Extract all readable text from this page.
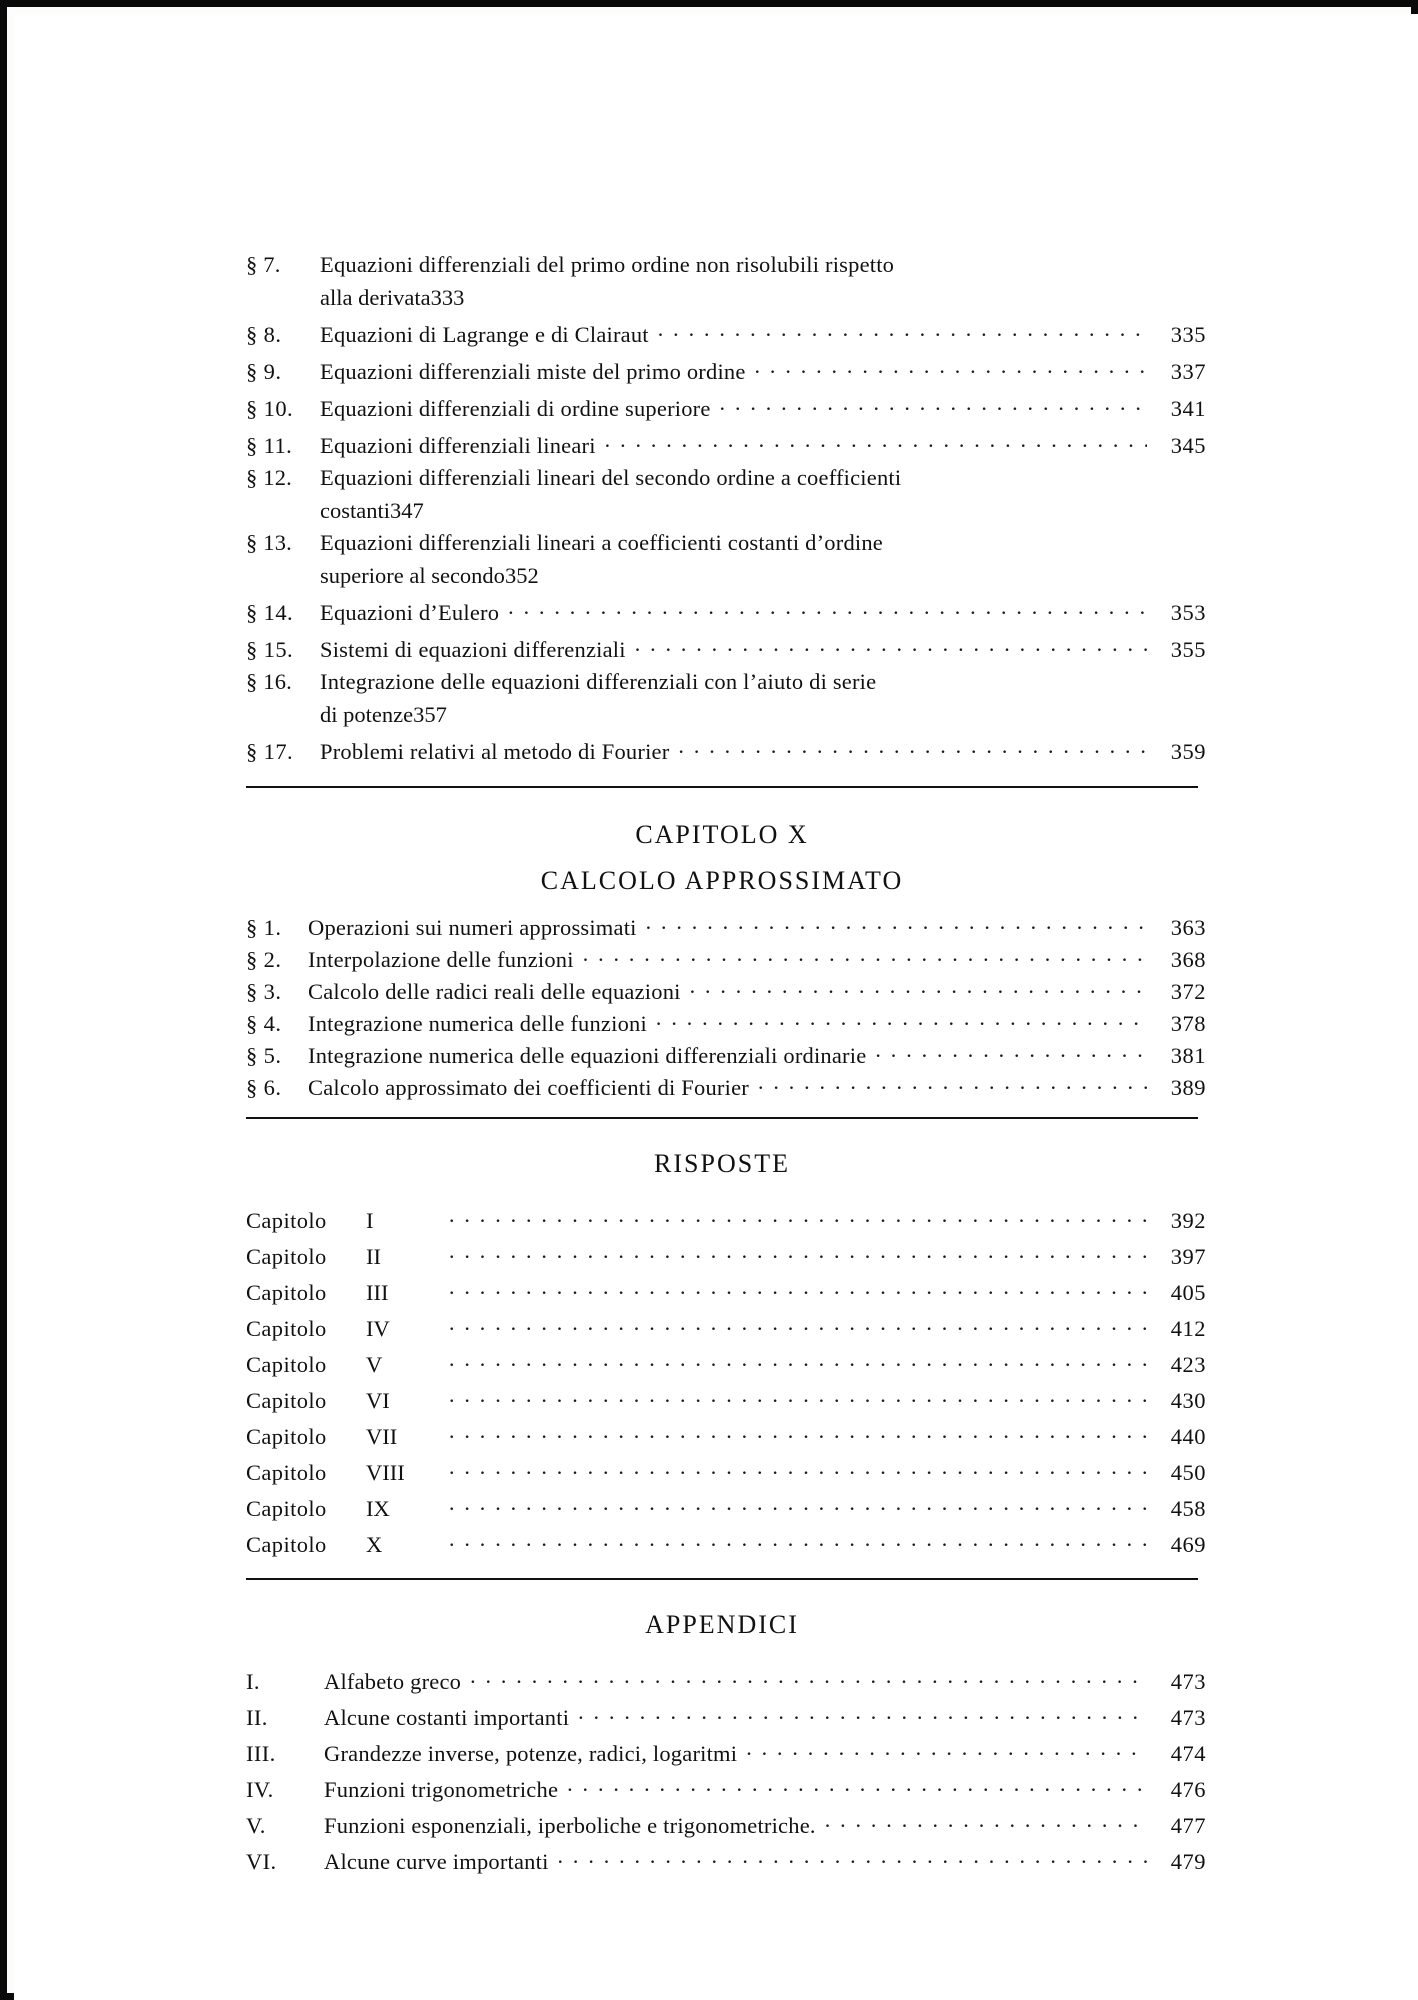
§ 7. Equazioni differenziali del primo ordine non risolubili rispetto
alla derivata 333
§ 8.	Equazioni di Lagrange e di Clairaut . . .	335
§ 9.	Equazioni differenziali miste del primo ordine . . .	337
§ 10.	Equazioni differenziali di ordine superiore . . .	341
§ 11.	Equazioni differenziali lineari . . .	345
§ 12. Equazioni differenziali lineari del secondo ordine a coefficienti
costanti 347
§ 13. Equazioni differenziali lineari a coefficienti costanti d’ordine
superiore al secondo 352
§ 14.	Equazioni d’Eulero . . .	353
§ 15.	Sistemi di equazioni differenziali . . .	355
§ 16. Integrazione delle equazioni differenziali con l’aiuto di serie
di potenze 357
§ 17.	Problemi relativi al metodo di Fourier . . .	359
CAPITOLO X
CALCOLO APPROSSIMATO
§ 1.	Operazioni sui numeri approssimati . . .	363
§ 2.	Interpolazione delle funzioni . . .	368
§ 3.	Calcolo delle radici reali delle equazioni . . .	372
§ 4.	Integrazione numerica delle funzioni . . .	378
§ 5.	Integrazione numerica delle equazioni differenziali ordinarie . . .	381
§ 6.	Calcolo approssimato dei coefficienti di Fourier . . .	389
RISPOSTE
Capitolo	I . . .	392
Capitolo	II . . .	397
Capitolo	III . . .	405
Capitolo	IV . . .	412
Capitolo	V . . .	423
Capitolo	VI . . .	430
Capitolo	VII . . .	440
Capitolo	VIII . . .	450
Capitolo	IX . . .	458
Capitolo	X . . .	469
APPENDICI
I.	Alfabeto greco . . .	473
II.	Alcune costanti importanti . . .	473
III.	Grandezze inverse, potenze, radici, logaritmi . . .	474
IV.	Funzioni trigonometriche . . .	476
V.	Funzioni esponenziali, iperboliche e trigonometriche. . . .	477
VI.	Alcune curve importanti . . .	479
